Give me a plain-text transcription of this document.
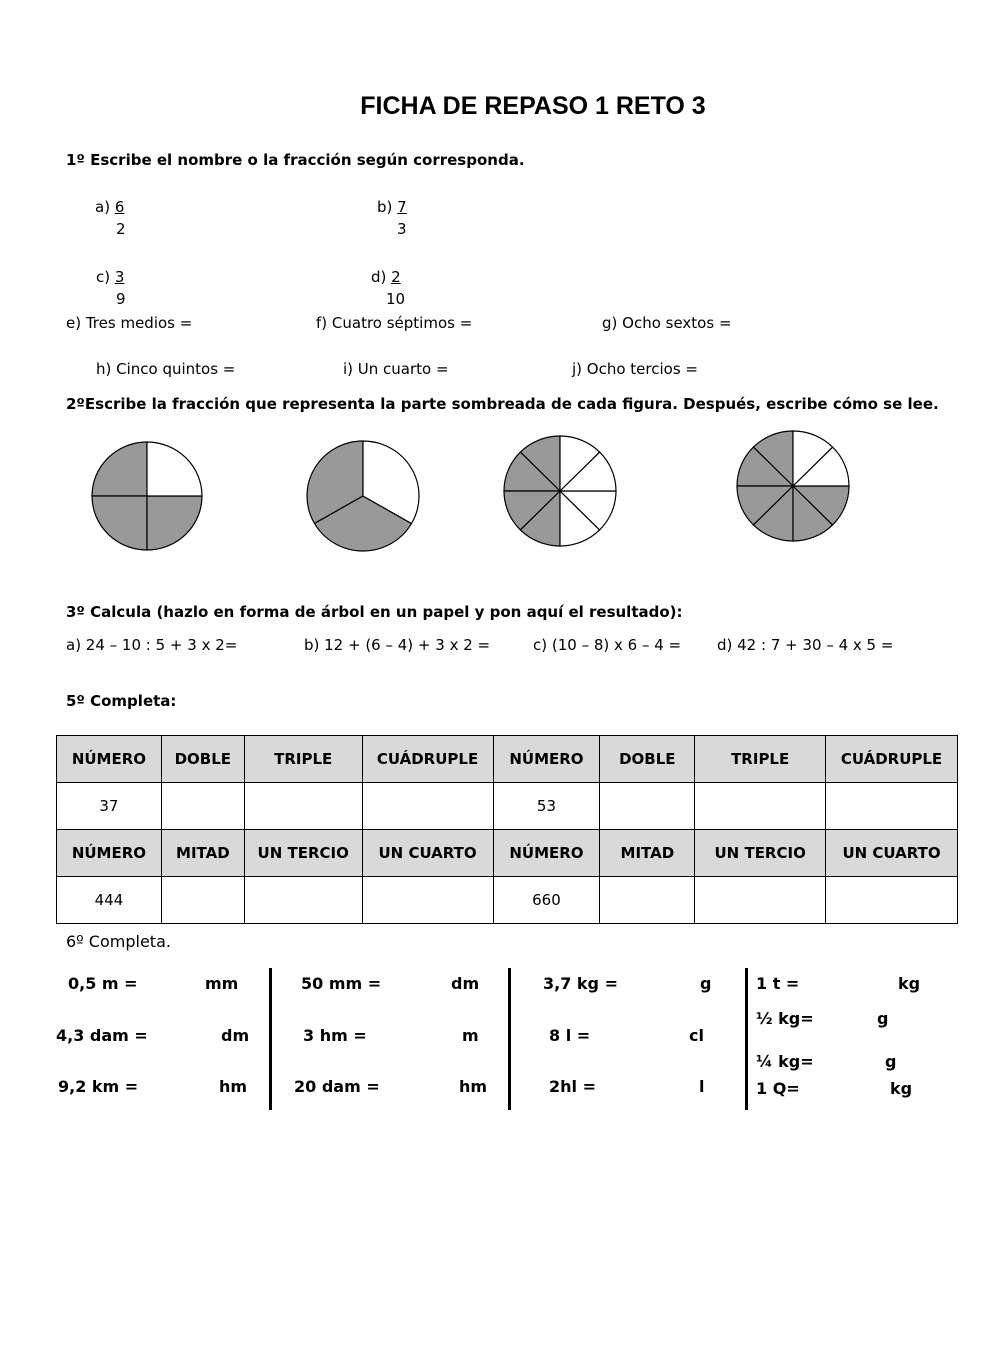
FICHA DE REPASO 1 RETO 3
1º Escribe el nombre o la fracción según corresponda.
a) 6
2
b) 7
3
c) 3
9
d) 2
10
e) Tres medios =	f) Cuatro séptimos =	g) Ocho sextos =
h) Cinco quintos =	i) Un cuarto =	j) Ocho tercios =
2ºEscribe la fracción que representa la parte sombreada de cada figura. Después, escribe cómo se lee.
3º Calcula (hazlo en forma de árbol en un papel y pon aquí el resultado):
a) 24 – 10 : 5 + 3 x 2=	b) 12 + (6 – 4) + 3 x 2 =	c) (10 – 8) x 6 – 4 = d) 42 : 7 + 30 – 4 x 5 =
5º Completa:
NÚMERO	DOBLE	TRIPLE	CUÁDRUPLE	NÚMERO	DOBLE	TRIPLE	CUÁDRUPLE
37				53			
NÚMERO	MITAD	UN TERCIO	UN CUARTO	NÚMERO	MITAD	UN TERCIO	UN CUARTO
444				660			
6º Completa.
0,5 m =	mm
4,3 dam =	dm
9,2 km =	hm
50 mm =	dm
3 hm =	m
20 dam =	hm
3,7 kg =	g
8 l =	cl
2hl =	l
1 t =	kg
½ kg=	g
¼ kg=	g
1 Q=	kg
